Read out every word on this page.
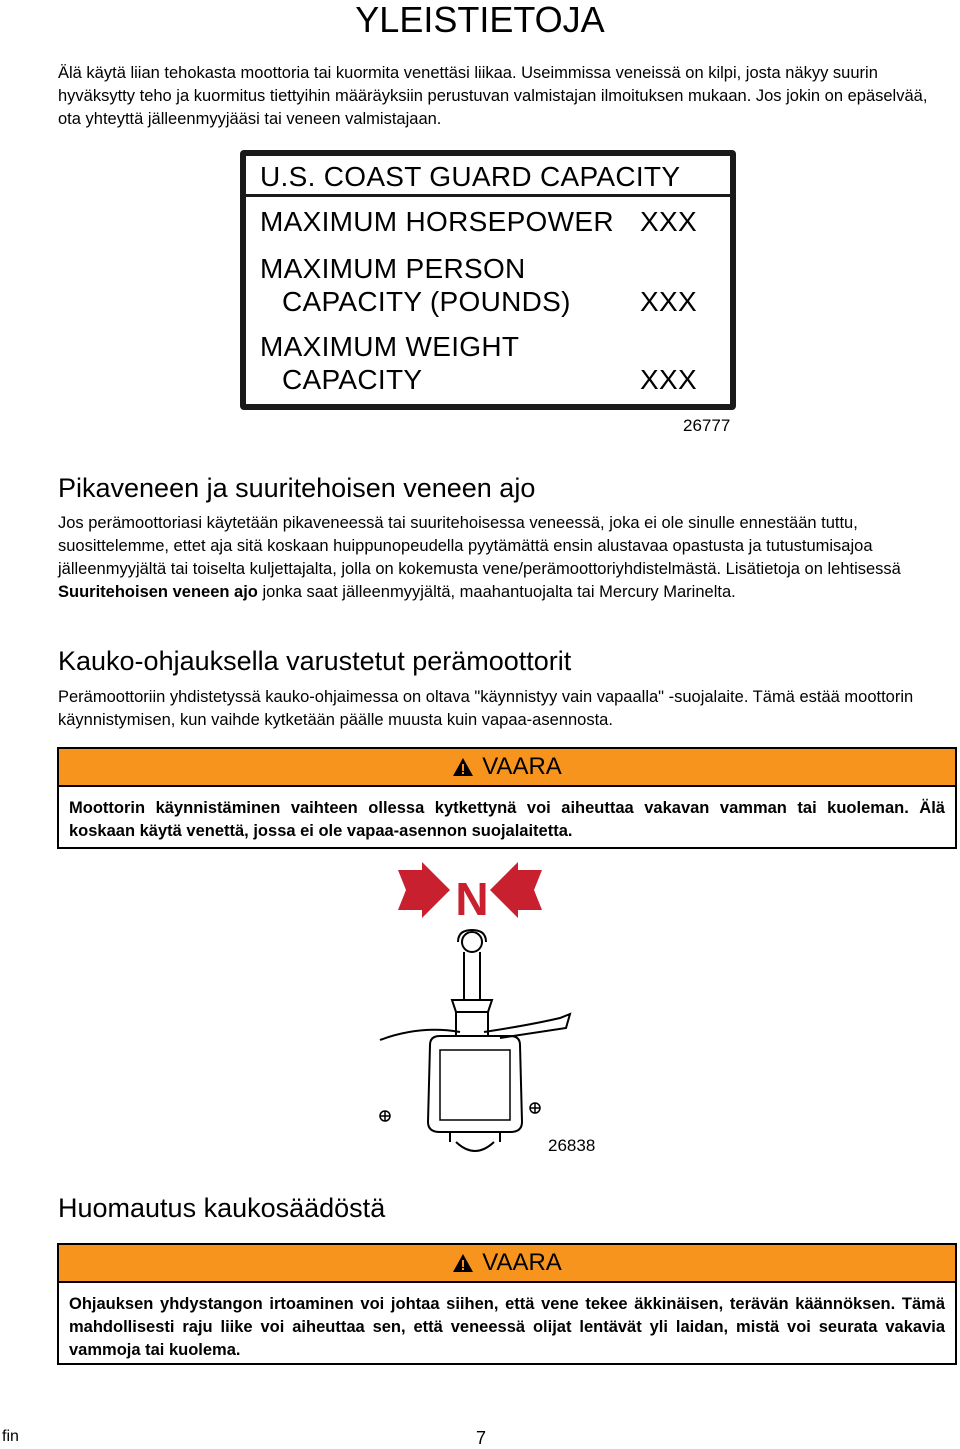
YLEISTIETOJA

Älä käytä liian tehokasta moottoria tai kuormita venettäsi liikaa. Useimmissa veneissä on kilpi, josta näkyy suurin hyväksytty teho ja kuormitus tiettyihin määräyksiin perustuvan valmistajan ilmoituksen mukaan. Jos jokin on epäselvää, ota yhteyttä jälleenmyyjääsi tai veneen valmistajaan.

U.S. COAST GUARD CAPACITY
MAXIMUM HORSEPOWER XXX
MAXIMUM PERSON
CAPACITY (POUNDS) XXX
MAXIMUM WEIGHT
CAPACITY	XXX
26777
Pikaveneen ja suuritehoisen veneen ajo

Jos perämoottoriasi käytetään pikaveneessä tai suuritehoisessa veneessä, joka ei ole sinulle ennestään tuttu, suosittelemme, ettet aja sitä koskaan huippunopeudella pyytämättä ensin alustavaa opastusta ja tutustumisajoa jälleenmyyjältä tai toiselta kuljettajalta, jolla on kokemusta vene/perämoottoriyhdistelmästä. Lisätietoja on lehtisessä Suuritehoisen veneen ajo jonka saat jälleenmyyjältä, maahantuojalta tai Mercury Marinelta.

Kauko-ohjauksella varustetut perämoottorit

Perämoottoriin yhdistetyssä kauko-ohjaimessa on oltava "käynnistyy vain vapaalla" -suojalaite. Tämä estää moottorin käynnistymisen, kun vaihde kytketään päälle muusta kuin vapaa-asennosta.

VAARA
Moottorin käynnistäminen vaihteen ollessa kytkettynä voi aiheuttaa vakavan vamman tai kuoleman. Älä koskaan käytä venettä, jossa ei ole vapaa-asennon suojalaitetta.
N
26838
Huomautus kaukosäädöstä
VAARA
Ohjauksen yhdystangon irtoaminen voi johtaa siihen, että vene tekee äkkinäisen, terävän käännöksen. Tämä mahdollisesti raju liike voi aiheuttaa sen, että veneessä olijat lentävät yli laidan, mistä voi seurata vakavia vammoja tai kuolema.
fin	7
